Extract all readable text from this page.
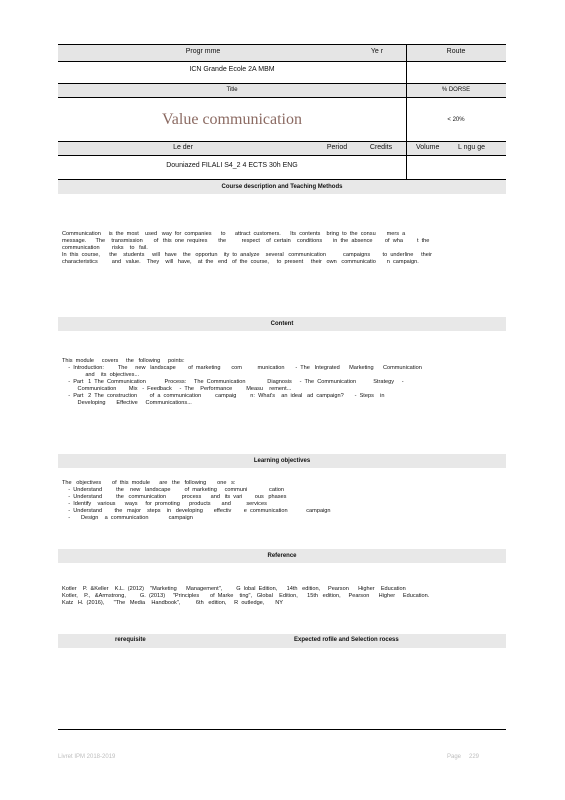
Progr mme	Ye r	Route
ICN Grande Ecole 2A MBM
Title	% DORSE
Value communication	< 20%
Le der	Period	Credits	Volume	L ngu ge
Douniazed FILALI S4_2 4 ECTS 30h ENG
Course description and Teaching Methods
Communication     is  the  most    used   way  for  companies      to      attract  customers.      Its  contents    bring  to  the  consu       mers  a
message.      The    transmission       of   this  one  requires       the          respect    of  certain    conditions       in  the  absence        of  wha         t  the
communication        risks    to   fail.
In  this  course,      the    students     will   have    the   opportun    ity  to  analyze    several   communication           campaigns        to  underline     their
characteristics         and   value.    They    will   have,    at  the   end   of  the  course,     to  present     their   own   communicatio       n  campaign.
Content
This  module     covers     the   following     points:
-  Introduction:         The     new   landscape        of  marketing       com          munication       -  The   Integrated      Marketing      Communication
and    its  objectives...
-  Part   1  The  Communication            Process:     The  Communication              Diagnosis     -  The  Communication           Strategy     -
Communication        Mix   -  Feedback     -  The    Performance         Measu    rement...
-  Part   2  The  construction        of  a  communication         campaig         n:  What's    an  ideal   ad  campaign?       -  Steps    in
Developing       Effective     Communications...
Learning objectives
The   objectives       of  this  module      are   the   following       one   s:
-  Understand         the    new   landscape         of  marketing     communi              cation
-  Understand         the   communication          process      and   its  vari        ous   phases
-  Identify    various      ways     for  promoting      products       and          services
-  Understand        the   major    steps    in   developing       effectiv        e  communication            campaign
-       Design    a  communication             campaign
Reference
Kotler    P.  &Keller    K.L.  (2012)    "Marketing      Management",         G  lobal  Edition,      14th   edition,     Pearson      Higher    Education
Kotler,    P.,   &Armstrong,         G.  (2013)     "Principles       of  Marke    ting",   Global    Edition,      15th   edition,     Pearson      Higher     Education.
Katz   H.  (2016),      "The   Media    Handbook",          6th   edition,     R  outledge,       NY
rerequisite	Expected rofile and Selection rocess
Livret IPM 2018-2019	Page 229
